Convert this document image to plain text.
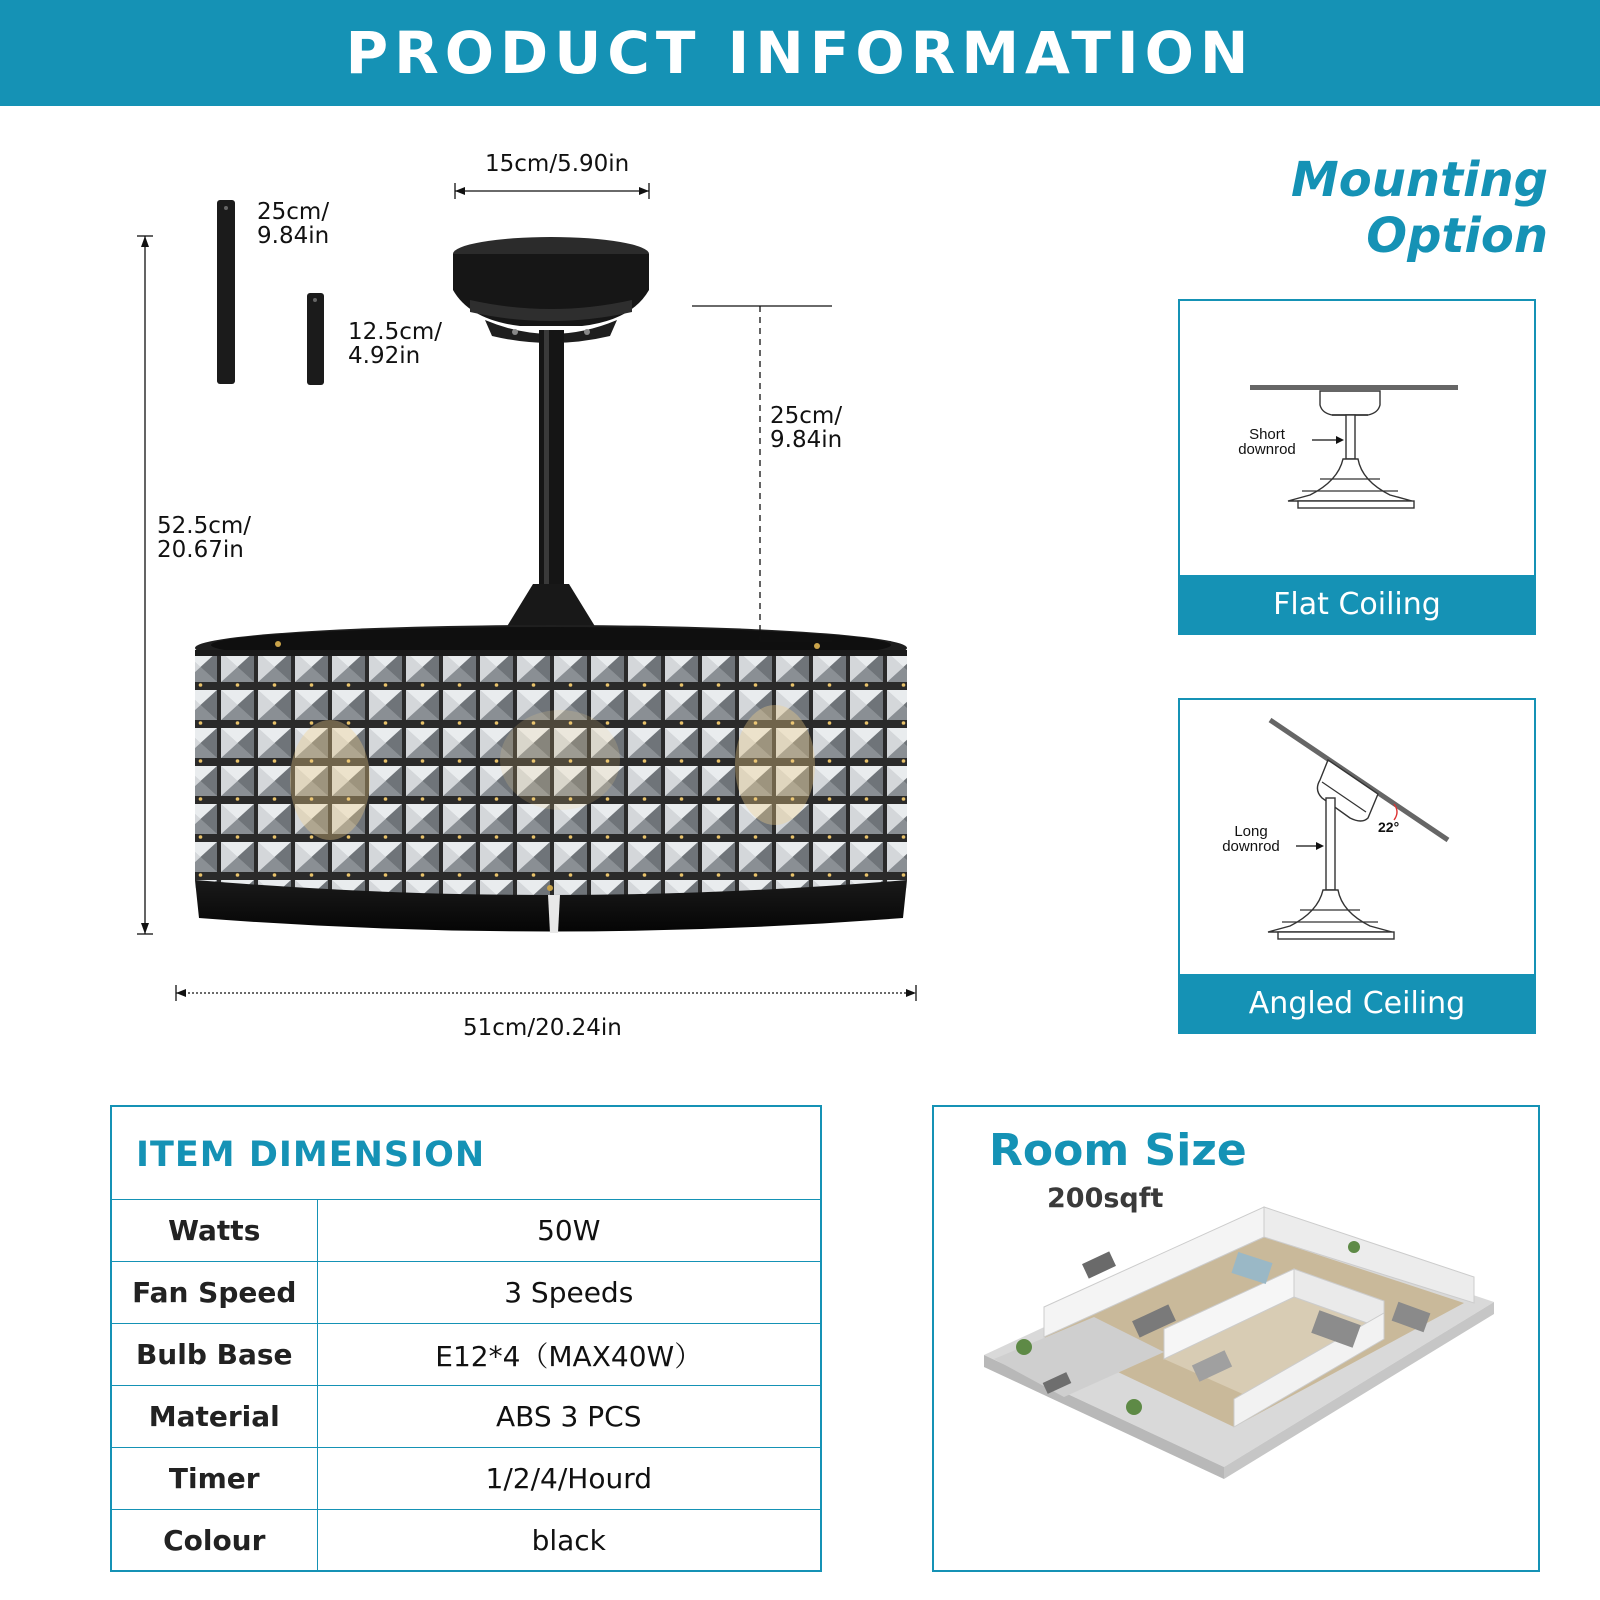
PRODUCT INFORMATION
15cm/5.90in
25cm/
9.84in
12.5cm/
4.92in
25cm/
9.84in
52.5cm/
20.67in
51cm/20.24in
Mounting Option
Short
downrod
Flat Coiling
Long
downrod
22°
Angled Ceiling
ITEM DIMENSION
Watts	50W
Fan Speed	3 Speeds
Bulb Base	E12*4（MAX40W）
Material	ABS 3 PCS
Timer	1/2/4/Hourd
Colour	black
Room Size
200sqft
